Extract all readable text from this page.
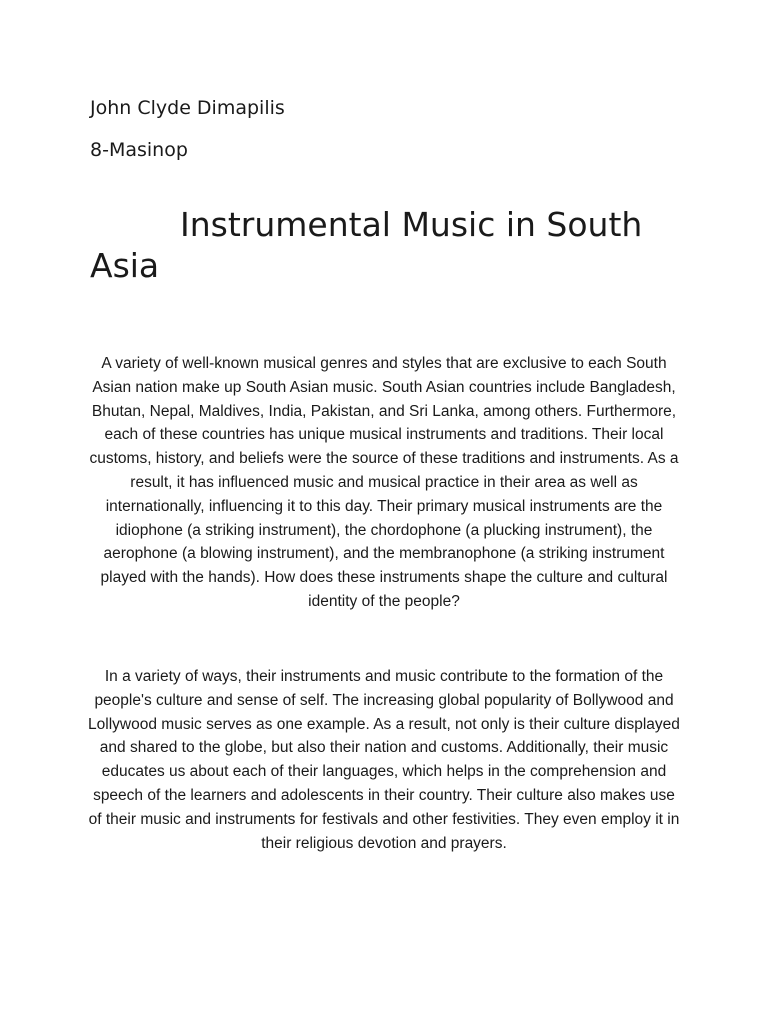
John Clyde Dimapilis
8-Masinop
Instrumental Music in South Asia

A variety of well-known musical genres and styles that are exclusive to each South Asian nation make up South Asian music. South Asian countries include Bangladesh, Bhutan, Nepal, Maldives, India, Pakistan, and Sri Lanka, among others. Furthermore, each of these countries has unique musical instruments and traditions. Their local customs, history, and beliefs were the source of these traditions and instruments. As a result, it has influenced music and musical practice in their area as well as internationally, influencing it to this day. Their primary musical instruments are the idiophone (a striking instrument), the chordophone (a plucking instrument), the aerophone (a blowing instrument), and the membranophone (a striking instrument played with the hands). How does these instruments shape the culture and cultural identity of the people?

In a variety of ways, their instruments and music contribute to the formation of the people's culture and sense of self. The increasing global popularity of Bollywood and Lollywood music serves as one example. As a result, not only is their culture displayed and shared to the globe, but also their nation and customs. Additionally, their music educates us about each of their languages, which helps in the comprehension and speech of the learners and adolescents in their country. Their culture also makes use of their music and instruments for festivals and other festivities. They even employ it in their religious devotion and prayers.
